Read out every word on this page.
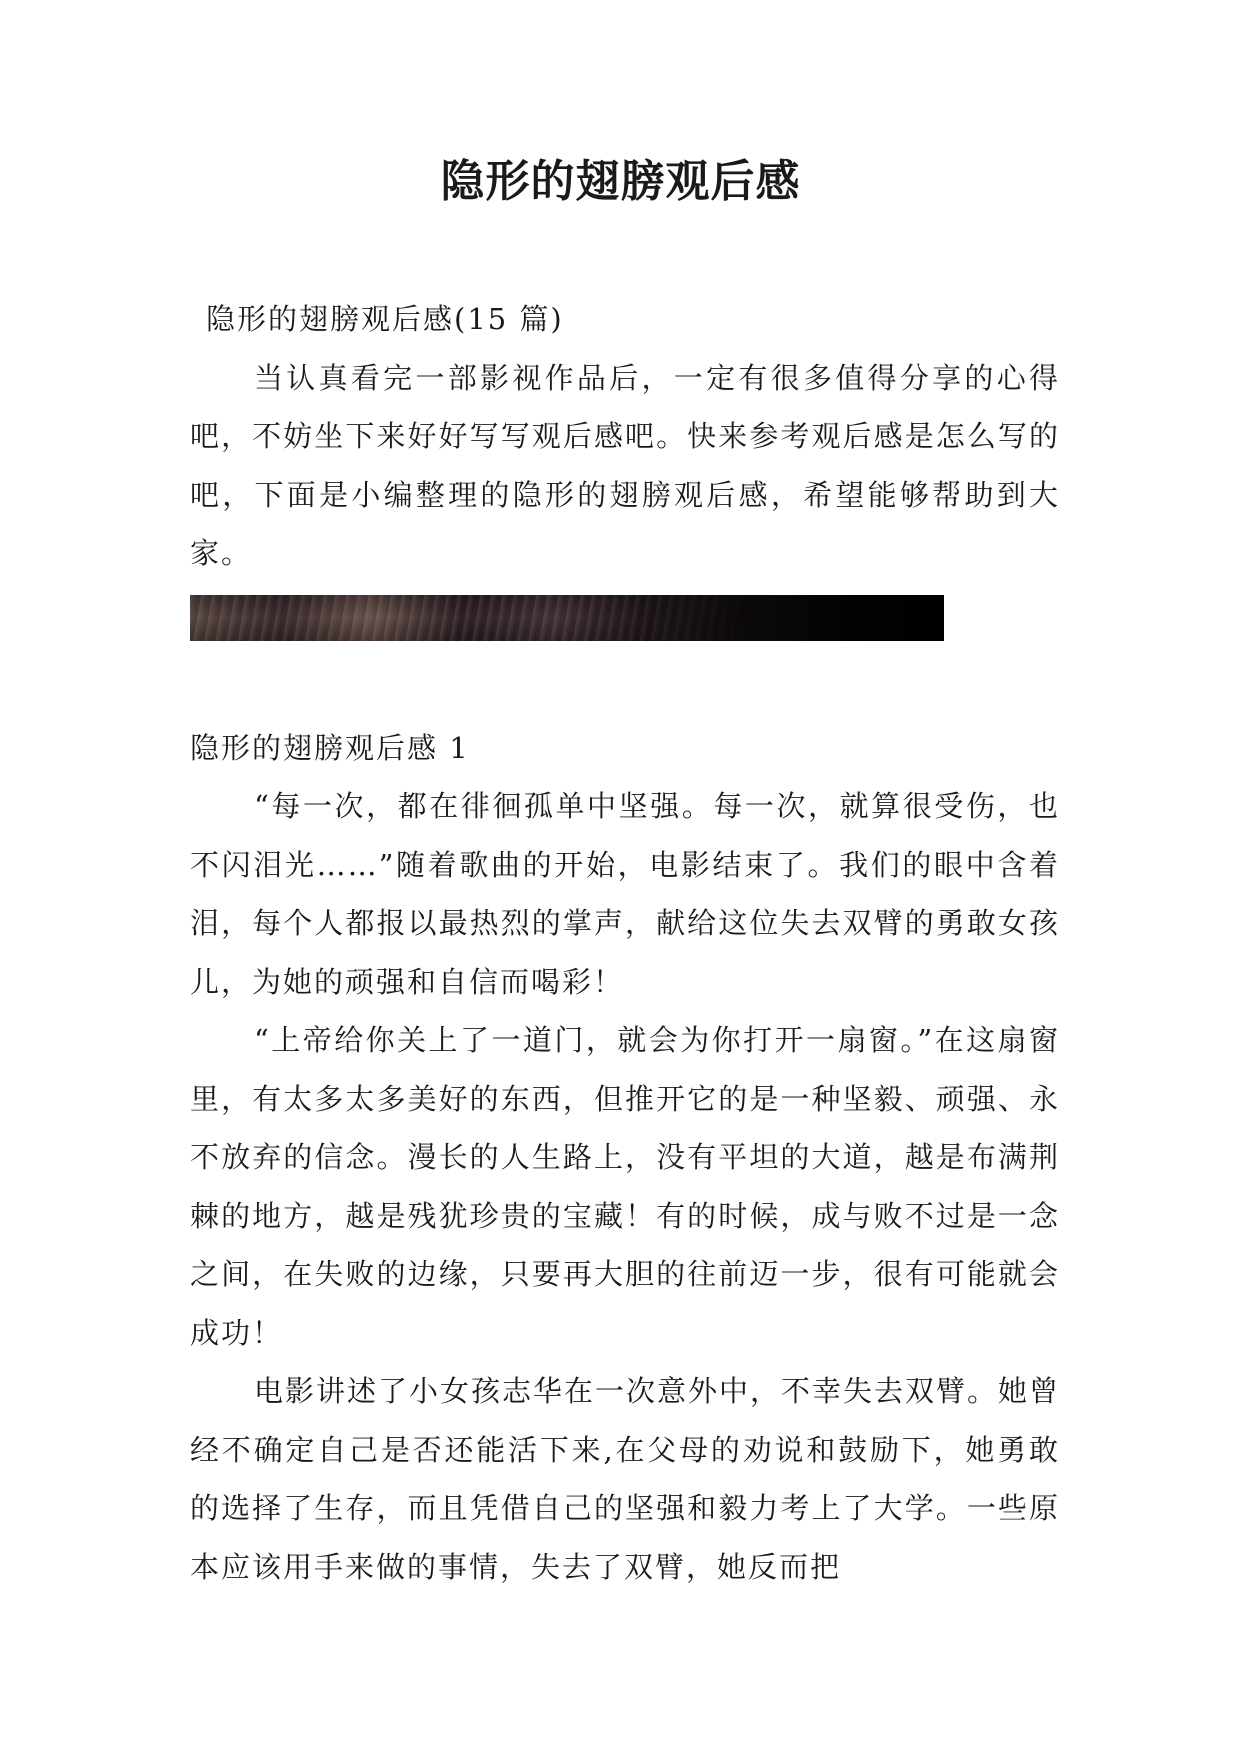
隐形的翅膀观后感

隐形的翅膀观后感(15 篇)

当认真看完一部影视作品后，一定有很多值得分享的心得吧，不妨坐下来好好写写观后感吧。快来参考观后感是怎么写的吧，下面是小编整理的隐形的翅膀观后感，希望能够帮助到大家。

隐形的翅膀观后感 1

“每一次，都在徘徊孤单中坚强。每一次，就算很受伤，也不闪泪光……”随着歌曲的开始，电影结束了。我们的眼中含着泪，每个人都报以最热烈的掌声，献给这位失去双臂的勇敢女孩儿，为她的顽强和自信而喝彩！

“上帝给你关上了一道门，就会为你打开一扇窗。”在这扇窗里，有太多太多美好的东西，但推开它的是一种坚毅、顽强、永不放弃的信念。漫长的人生路上，没有平坦的大道，越是布满荆棘的地方，越是残犹珍贵的宝藏！有的时候，成与败不过是一念之间，在失败的边缘，只要再大胆的往前迈一步，很有可能就会成功！

电影讲述了小女孩志华在一次意外中，不幸失去双臂。她曾经不确定自己是否还能活下来,在父母的劝说和鼓励下，她勇敢的选择了生存，而且凭借自己的坚强和毅力考上了大学。一些原本应该用手来做的事情，失去了双臂，她反而把
